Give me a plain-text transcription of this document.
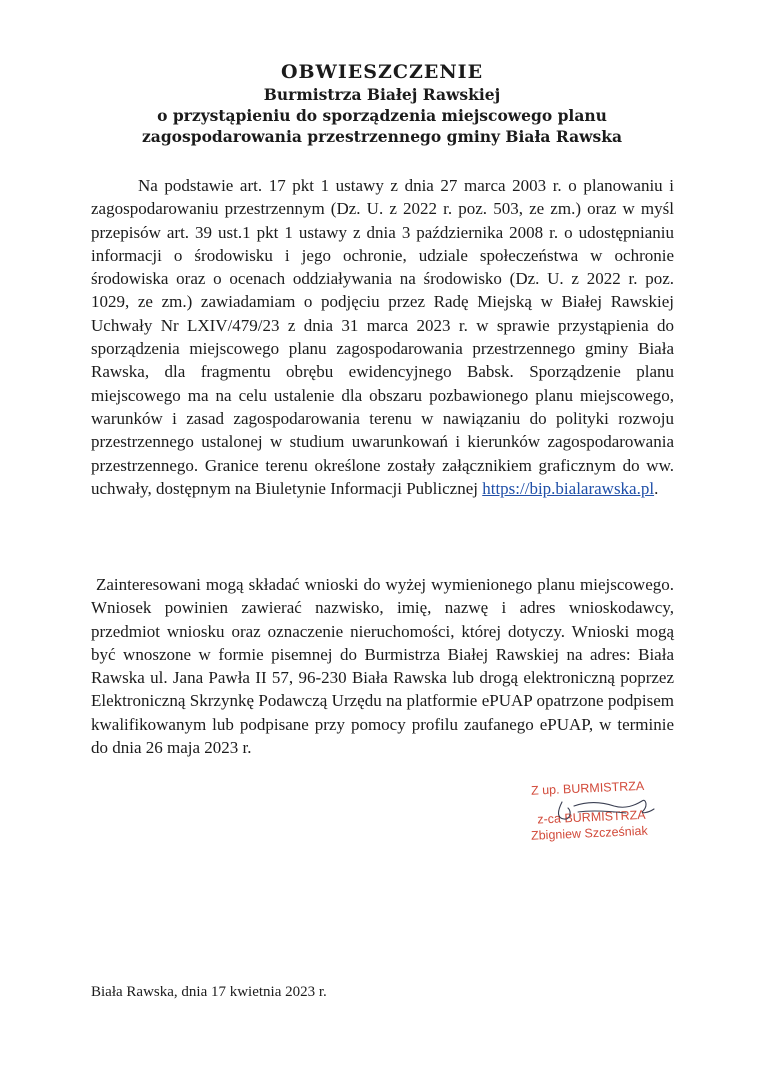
OBWIESZCZENIE
Burmistrza Białej Rawskiej
o przystąpieniu do sporządzenia miejscowego planu
zagospodarowania przestrzennego gminy Biała Rawska
Na podstawie art. 17 pkt 1 ustawy z dnia 27 marca 2003 r. o planowaniu i zagospodarowaniu przestrzennym (Dz. U. z 2022 r. poz. 503, ze zm.) oraz w myśl przepisów art. 39 ust.1 pkt 1 ustawy z dnia 3 października 2008 r. o udostępnianiu informacji o środowisku i jego ochronie, udziale społeczeństwa w ochronie środowiska oraz o ocenach oddziaływania na środowisko (Dz. U. z 2022 r. poz. 1029, ze zm.) zawiadamiam o podjęciu przez Radę Miejską w Białej Rawskiej Uchwały Nr LXIV/479/23 z dnia 31 marca 2023 r. w sprawie przystąpienia do sporządzenia miejscowego planu zagospodarowania przestrzennego gminy Biała Rawska, dla fragmentu obrębu ewidencyjnego Babsk. Sporządzenie planu miejscowego ma na celu ustalenie dla obszaru pozbawionego planu miejscowego, warunków i zasad zagospodarowania terenu w nawiązaniu do polityki rozwoju przestrzennego ustalonej w studium uwarunkowań i kierunków zagospodarowania przestrzennego. Granice terenu określone zostały załącznikiem graficznym do ww. uchwały, dostępnym na Biuletynie Informacji Publicznej https://bip.bialarawska.pl.
Zainteresowani mogą składać wnioski do wyżej wymienionego planu miejscowego. Wniosek powinien zawierać nazwisko, imię, nazwę i adres wnioskodawcy, przedmiot wniosku oraz oznaczenie nieruchomości, której dotyczy. Wnioski mogą być wnoszone w formie pisemnej do Burmistrza Białej Rawskiej na adres: Biała Rawska ul. Jana Pawła II 57, 96-230 Biała Rawska lub drogą elektroniczną poprzez Elektroniczną Skrzynkę Podawczą Urzędu na platformie ePUAP opatrzone podpisem kwalifikowanym lub podpisane przy pomocy profilu zaufanego ePUAP, w terminie do dnia 26 maja 2023 r.
Z up. BURMISTRZA
z-ca BURMISTRZA
Zbigniew Szcześniak
Biała Rawska, dnia 17 kwietnia 2023 r.
